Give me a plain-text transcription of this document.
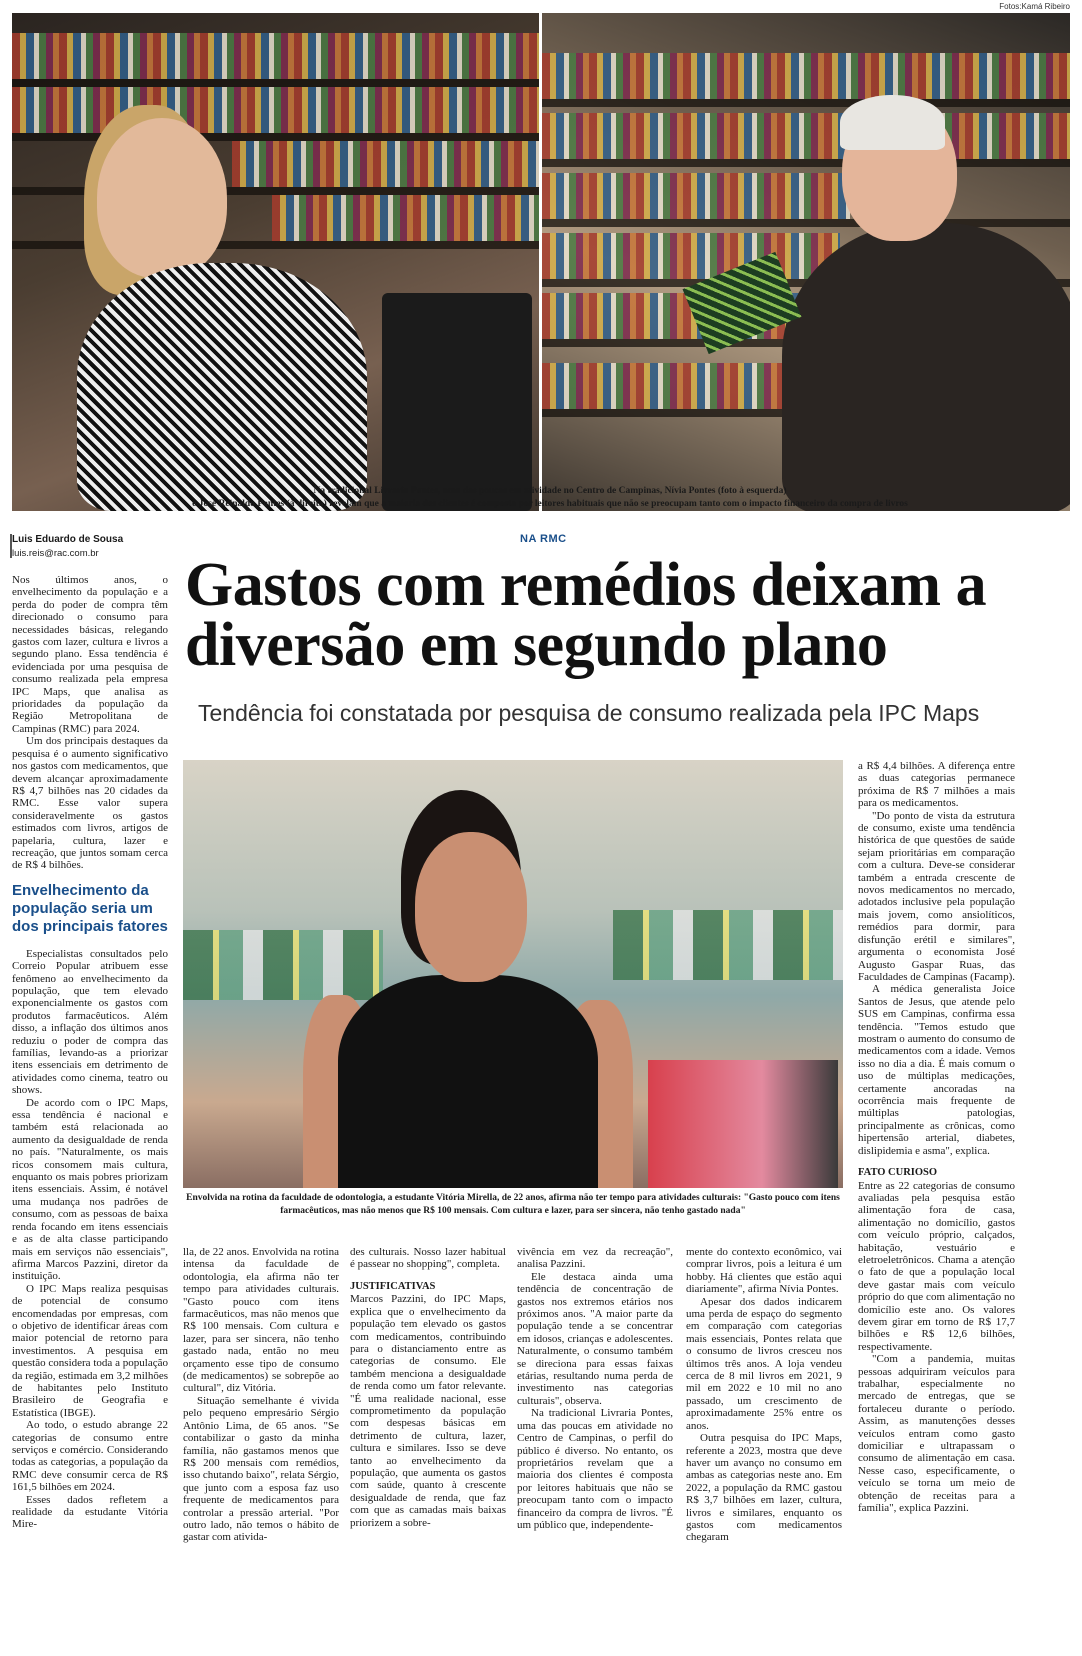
Fotos:Kamá Ribeiro
Na tradicional Livraria Pontes, uma das poucas em atividade no Centro de Campinas, Nívia Pontes (foto à esquerda)
e José Reinaldo Pontes (à direita) revelam que a maioria dos clientes é composta por leitores habituais que não se preocupam tanto com o impacto financeiro da compra de livros
Luis Eduardo de Sousa
luis.reis@rac.com.br
NA RMC
Gastos com remédios deixam a diversão em segundo plano
Tendência foi constatada por pesquisa de consumo realizada pela IPC Maps

Nos últimos anos, o envelhecimento da população e a perda do poder de compra têm direcionado o consumo para necessidades básicas, relegando gastos com lazer, cultura e livros a segundo plano. Essa tendência é evidenciada por uma pesquisa de consumo realizada pela empresa IPC Maps, que analisa as prioridades da população da Região Metropolitana de Campinas (RMC) para 2024.

Um dos principais destaques da pesquisa é o aumento significativo nos gastos com medicamentos, que devem alcançar aproximadamente R$ 4,7 bilhões nas 20 cidades da RMC. Esse valor supera consideravelmente os gastos estimados com livros, artigos de papelaria, cultura, lazer e recreação, que juntos somam cerca de R$ 4 bilhões.

Envelhecimento da população seria um dos principais fatores

Especialistas consultados pelo Correio Popular atribuem esse fenômeno ao envelhecimento da população, que tem elevado exponencialmente os gastos com produtos farmacêuticos. Além disso, a inflação dos últimos anos reduziu o poder de compra das famílias, levando-as a priorizar itens essenciais em detrimento de atividades como cinema, teatro ou shows.

De acordo com o IPC Maps, essa tendência é nacional e também está relacionada ao aumento da desigualdade de renda no país. "Naturalmente, os mais ricos consomem mais cultura, enquanto os mais pobres priorizam itens essenciais. Assim, é notável uma mudança nos padrões de consumo, com as pessoas de baixa renda focando em itens essenciais e as de alta classe participando mais em serviços não essenciais", afirma Marcos Pazzini, diretor da instituição.

O IPC Maps realiza pesquisas de potencial de consumo encomendadas por empresas, com o objetivo de identificar áreas com maior potencial de retorno para investimentos. A pesquisa em questão considera toda a população da região, estimada em 3,2 milhões de habitantes pelo Instituto Brasileiro de Geografia e Estatística (IBGE).

Ao todo, o estudo abrange 22 categorias de consumo entre serviços e comércio. Considerando todas as categorias, a população da RMC deve consumir cerca de R$ 161,5 bilhões em 2024.

Esses dados refletem a realidade da estudante Vitória Mire-

Envolvida na rotina da faculdade de odontologia, a estudante Vitória Mirella, de 22 anos, afirma não ter tempo para atividades culturais: "Gasto pouco com itens farmacêuticos, mas não menos que R$ 100 mensais. Com cultura e lazer, para ser sincera, não tenho gastado nada"

lla, de 22 anos. Envolvida na rotina intensa da faculdade de odontologia, ela afirma não ter tempo para atividades culturais. "Gasto pouco com itens farmacêuticos, mas não menos que R$ 100 mensais. Com cultura e lazer, para ser sincera, não tenho gastado nada, então no meu orçamento esse tipo de consumo (de medicamentos) se sobrepõe ao cultural", diz Vitória.

Situação semelhante é vivida pelo pequeno empresário Sérgio Antônio Lima, de 65 anos. "Se contabilizar o gasto da minha família, não gastamos menos que R$ 200 mensais com remédios, isso chutando baixo", relata Sérgio, que junto com a esposa faz uso frequente de medicamentos para controlar a pressão arterial. "Por outro lado, não temos o hábito de gastar com ativida-

des culturais. Nosso lazer habitual é passear no shopping", completa.

JUSTIFICATIVAS

Marcos Pazzini, do IPC Maps, explica que o envelhecimento da população tem elevado os gastos com medicamentos, contribuindo para o distanciamento entre as categorias de consumo. Ele também menciona a desigualdade de renda como um fator relevante. "É uma realidade nacional, esse comprometimento da população com despesas básicas em detrimento de cultura, lazer, cultura e similares. Isso se deve tanto ao envelhecimento da população, que aumenta os gastos com saúde, quanto à crescente desigualdade de renda, que faz com que as camadas mais baixas priorizem a sobre-

vivência em vez da recreação", analisa Pazzini.

Ele destaca ainda uma tendência de concentração de gastos nos extremos etários nos próximos anos. "A maior parte da população tende a se concentrar em idosos, crianças e adolescentes. Naturalmente, o consumo também se direciona para essas faixas etárias, resultando numa perda de investimento nas categorias culturais", observa.

Na tradicional Livraria Pontes, uma das poucas em atividade no Centro de Campinas, o perfil do público é diverso. No entanto, os proprietários revelam que a maioria dos clientes é composta por leitores habituais que não se preocupam tanto com o impacto financeiro da compra de livros. "É um público que, independente-

mente do contexto econômico, vai comprar livros, pois a leitura é um hobby. Há clientes que estão aqui diariamente", afirma Nívia Pontes.

Apesar dos dados indicarem uma perda de espaço do segmento em comparação com categorias mais essenciais, Pontes relata que o consumo de livros cresceu nos últimos três anos. A loja vendeu cerca de 8 mil livros em 2021, 9 mil em 2022 e 10 mil no ano passado, um crescimento de aproximadamente 25% entre os anos.

Outra pesquisa do IPC Maps, referente a 2023, mostra que deve haver um avanço no consumo em ambas as categorias neste ano. Em 2022, a população da RMC gastou R$ 3,7 bilhões em lazer, cultura, livros e similares, enquanto os gastos com medicamentos chegaram

a R$ 4,4 bilhões. A diferença entre as duas categorias permanece próxima de R$ 7 milhões a mais para os medicamentos.

"Do ponto de vista da estrutura de consumo, existe uma tendência histórica de que questões de saúde sejam prioritárias em comparação com a cultura. Deve-se considerar também a entrada crescente de novos medicamentos no mercado, adotados inclusive pela população mais jovem, como ansiolíticos, remédios para dormir, para disfunção erétil e similares", argumenta o economista José Augusto Gaspar Ruas, das Faculdades de Campinas (Facamp).

A médica generalista Joice Santos de Jesus, que atende pelo SUS em Campinas, confirma essa tendência. "Temos estudo que mostram o aumento do consumo de medicamentos com a idade. Vemos isso no dia a dia. É mais comum o uso de múltiplas medicações, certamente ancoradas na ocorrência mais frequente de múltiplas patologias, principalmente as crônicas, como hipertensão arterial, diabetes, dislipidemia e asma", explica.

FATO CURIOSO

Entre as 22 categorias de consumo avaliadas pela pesquisa estão alimentação fora de casa, alimentação no domicílio, gastos com veículo próprio, calçados, habitação, vestuário e eletroeletrônicos. Chama a atenção o fato de que a população local deve gastar mais com veículo próprio do que com alimentação no domicílio este ano. Os valores devem girar em torno de R$ 17,7 bilhões e R$ 12,6 bilhões, respectivamente.

"Com a pandemia, muitas pessoas adquiriram veículos para trabalhar, especialmente no mercado de entregas, que se fortaleceu durante o período. Assim, as manutenções desses veículos entram como gasto domiciliar e ultrapassam o consumo de alimentação em casa. Nesse caso, especificamente, o veículo se torna um meio de obtenção de receitas para a família", explica Pazzini.
